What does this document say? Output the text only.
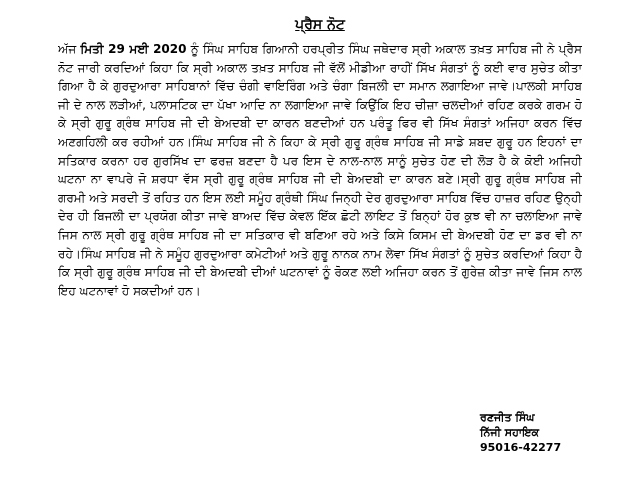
ਪ੍ਰੈਸ ਨੋਟ

ਅੱਜ ਮਿਤੀ 29 ਮਈ 2020 ਨੂੰ ਸਿੰਘ ਸਾਹਿਬ ਗਿਆਨੀ ਹਰਪ੍ਰੀਤ ਸਿੰਘ ਜਥੇਦਾਰ ਸ੍ਰੀ ਅਕਾਲ ਤਖ਼ਤ ਸਾਹਿਬ ਜੀ ਨੇ ਪ੍ਰੈਸ ਨੋਟ ਜਾਰੀ ਕਰਦਿਆਂ ਕਿਹਾ ਕਿ ਸ੍ਰੀ ਅਕਾਲ ਤਖ਼ਤ ਸਾਹਿਬ ਜੀ ਵੱਲੋਂ ਮੀਡੀਆ ਰਾਹੀਂ ਸਿੱਖ ਸੰਗਤਾਂ ਨੂੰ ਕਈ ਵਾਰ ਸੁਚੇਤ ਕੀਤਾ ਗਿਆ ਹੈ ਕੇ ਗੁਰਦੁਆਰਾ ਸਾਹਿਬਾਨਾਂ ਵਿੱਚ ਚੰਗੀ ਵਾਇਰਿੰਗ ਅਤੇ ਚੰਗਾ ਬਿਜਲੀ ਦਾ ਸਮਾਨ ਲਗਾਇਆ ਜਾਵੇ।ਪਾਲਕੀ ਸਾਹਿਬ ਜੀ ਦੇ ਨਾਲ ਲੜੀਆਂ, ਪਲਾਸਟਿਕ ਦਾ ਪੱਖਾ ਆਦਿ ਨਾ ਲਗਾਇਆ ਜਾਵੇ ਕਿਉਂਕਿ ਇਹ ਚੀਜ਼ਾ ਚਲਦੀਆਂ ਰਹਿਣ ਕਰਕੇ ਗਰਮ ਹੋ ਕੇ ਸ੍ਰੀ ਗੁਰੂ ਗ੍ਰੰਥ ਸਾਹਿਬ ਜੀ ਦੀ ਬੇਅਦਬੀ ਦਾ ਕਾਰਨ ਬਣਦੀਆਂ ਹਨ ਪਰੰਤੂ ਫਿਰ ਵੀ ਸਿੱਖ ਸੰਗਤਾਂ ਅਜਿਹਾ ਕਰਨ ਵਿੱਚ ਅਣਗਹਿਲੀ ਕਰ ਰਹੀਆਂ ਹਨ।ਸਿੰਘ ਸਾਹਿਬ ਜੀ ਨੇ ਕਿਹਾ ਕੇ ਸ੍ਰੀ ਗੁਰੂ ਗ੍ਰੰਥ ਸਾਹਿਬ ਜੀ ਸਾਡੇ ਸ਼ਬਦ ਗੁਰੂ ਹਨ ਇਹਨਾਂ ਦਾ ਸਤਿਕਾਰ ਕਰਨਾ ਹਰ ਗੁਰਸਿੱਖ ਦਾ ਫਰਜ਼ ਬਣਦਾ ਹੈ ਪਰ ਇਸ ਦੇ ਨਾਲ-ਨਾਲ ਸਾਨੂੰ ਸੁਚੇਤ ਹੋਣ ਦੀ ਲੋੜ ਹੈ ਕੇ ਕੋਈ ਅਜਿਹੀ ਘਟਨਾ ਨਾ ਵਾਪਰੇ ਜੋ ਸ਼ਰਧਾ ਵੱਸ ਸ੍ਰੀ ਗੁਰੂ ਗ੍ਰੰਥ ਸਾਹਿਬ ਜੀ ਦੀ ਬੇਅਦਬੀ ਦਾ ਕਾਰਨ ਬਣੇ।ਸ੍ਰੀ ਗੁਰੂ ਗ੍ਰੰਥ ਸਾਹਿਬ ਜੀ ਗਰਮੀ ਅਤੇ ਸਰਦੀ ਤੋਂ ਰਹਿਤ ਹਨ ਇਸ ਲਈ ਸਮੂੰਹ ਗ੍ਰੰਥੀ ਸਿੰਘ ਜਿਨ੍ਹੀ ਦੇਰ ਗੁਰਦੁਆਰਾ ਸਾਹਿਬ ਵਿੱਚ ਹਾਜ਼ਰ ਰਹਿਣ ਉਨ੍ਹੀ ਦੇਰ ਹੀ ਬਿਜਲੀ ਦਾ ਪ੍ਰਯੋਗ ਕੀਤਾ ਜਾਵੇ ਬਾਅਦ ਵਿੱਚ ਕੇਵਲ ਇੱਕ ਛੋਟੀ ਲਾਇਟ ਤੋਂ ਬਿਨ੍ਹਾਂ ਹੋਰ ਕੁਝ ਵੀ ਨਾ ਚਲਾਇਆ ਜਾਵੇ ਜਿਸ ਨਾਲ ਸ੍ਰੀ ਗੁਰੂ ਗ੍ਰੰਥ ਸਾਹਿਬ ਜੀ ਦਾ ਸਤਿਕਾਰ ਵੀ ਬਣਿਆ ਰਹੇ ਅਤੇ ਕਿਸੇ ਕਿਸਮ ਦੀ ਬੇਅਦਬੀ ਹੋਣ ਦਾ ਡਰ ਵੀ ਨਾ ਰਹੇ।ਸਿੰਘ ਸਾਹਿਬ ਜੀ ਨੇ ਸਮੂੰਹ ਗੁਰਦੁਆਰਾ ਕਮੇਟੀਆਂ ਅਤੇ ਗੁਰੂ ਨਾਨਕ ਨਾਮ ਲੇਵਾ ਸਿੱਖ ਸੰਗਤਾਂ ਨੂੰ ਸੁਚੇਤ ਕਰਦਿਆਂ ਕਿਹਾ ਹੈ ਕਿ ਸ੍ਰੀ ਗੁਰੂ ਗ੍ਰੰਥ ਸਾਹਿਬ ਜੀ ਦੀ ਬੇਅਦਬੀ ਦੀਆਂ ਘਟਨਾਵਾਂ ਨੂੰ ਰੋਕਣ ਲਈ ਅਜਿਹਾ ਕਰਨ ਤੋਂ ਗੁਰੇਜ਼ ਕੀਤਾ ਜਾਵੇ ਜਿਸ ਨਾਲ ਇਹ ਘਟਨਾਵਾਂ ਹੋ ਸਕਦੀਆਂ ਹਨ।

ਰਣਜੀਤ ਸਿੰਘ
ਨਿੱਜੀ ਸਹਾਇਕ
95016-42277
